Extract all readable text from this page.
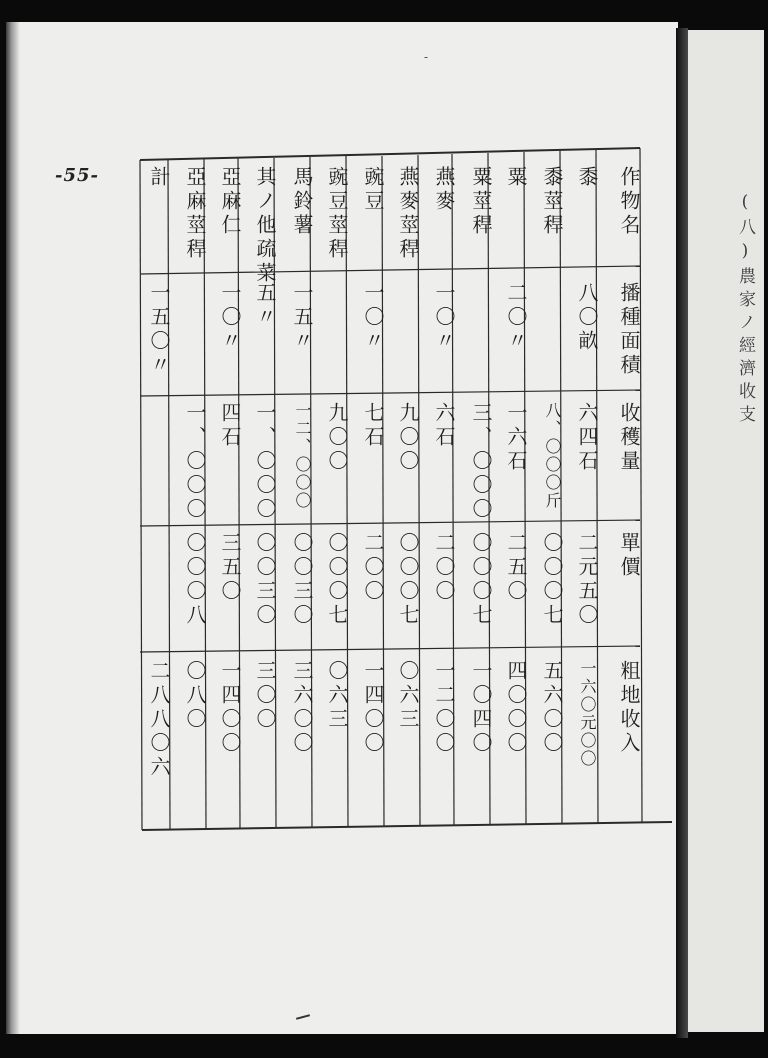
-55-
-
(八)農家ノ經濟收支
作物名
播種面積
收穫量
單價
粗地收入
黍
八〇畝
六四石
二元五〇
一六〇元〇〇
黍莖稈
八、〇〇〇斤
〇〇〇七
五六〇〇
粟
二〇〃
一六石
二五〇
四〇〇〇
粟莖稈
三、〇〇〇
〇〇〇七
一〇四〇
燕麥
一〇〃
六石
二〇〇
一二〇〇
燕麥莖稈
九〇〇
〇〇〇七
〇六三
豌豆
一〇〃
七石
二〇〇
一四〇〇
豌豆莖稈
九〇〇
〇〇〇七
〇六三
馬鈴薯
一五〃
一二、〇〇〇
〇〇三〇
三六〇〇
其ノ他疏菜
五〃
一、〇〇〇
〇〇三〇
三〇〇
亞麻仁
一〇〃
四石
三五〇
一四〇〇
亞麻莖稈
一、〇〇〇
〇〇〇八
〇八〇
計
一五〇〃
二八八〇六
